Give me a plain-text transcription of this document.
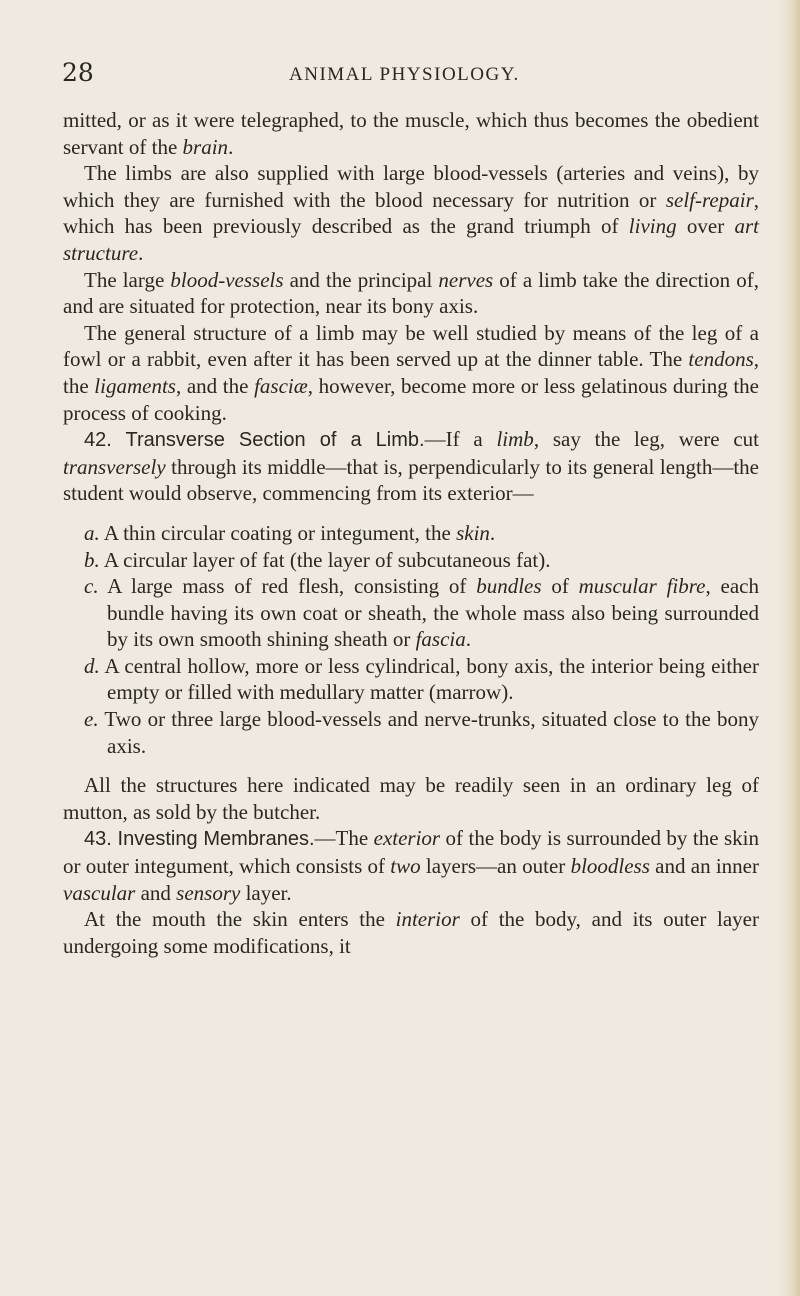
28	ANIMAL PHYSIOLOGY.

mitted, or as it were telegraphed, to the muscle, which thus becomes the obedient servant of the brain.

The limbs are also supplied with large blood-vessels (arteries and veins), by which they are furnished with the blood necessary for nutrition or self-repair, which has been previously described as the grand triumph of living over art structure.

The large blood-vessels and the principal nerves of a limb take the direction of, and are situated for protection, near its bony axis.

The general structure of a limb may be well studied by means of the leg of a fowl or a rabbit, even after it has been served up at the dinner table. The tendons, the ligaments, and the fasciæ, however, become more or less gelatinous during the process of cooking.

42. Transverse Section of a Limb.—If a limb, say the leg, were cut transversely through its middle—that is, perpendicularly to its general length—the student would observe, commencing from its exterior—

a. A thin circular coating or integument, the skin.

b. A circular layer of fat (the layer of subcutaneous fat).

c. A large mass of red flesh, consisting of bundles of muscular fibre, each bundle having its own coat or sheath, the whole mass also being surrounded by its own smooth shining sheath or fascia.

d. A central hollow, more or less cylindrical, bony axis, the interior being either empty or filled with medullary matter (marrow).

e. Two or three large blood-vessels and nerve-trunks, situated close to the bony axis.

All the structures here indicated may be readily seen in an ordinary leg of mutton, as sold by the butcher.

43. Investing Membranes.—The exterior of the body is surrounded by the skin or outer integument, which consists of two layers—an outer bloodless and an inner vascular and sensory layer.

At the mouth the skin enters the interior of the body, and its outer layer undergoing some modifications, it
